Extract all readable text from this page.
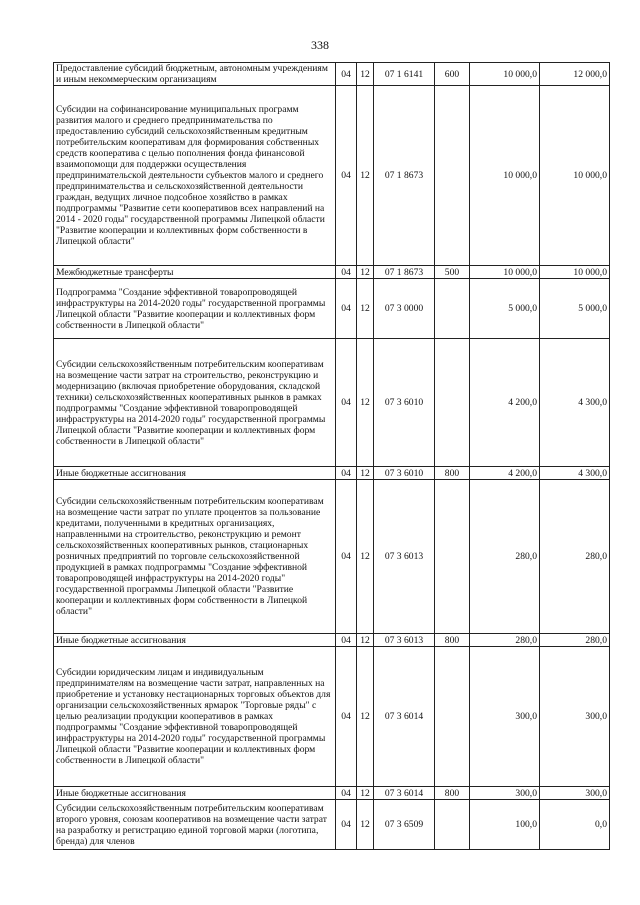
338
Предоставление субсидий бюджетным, автономным учреждениям и иным некоммерческим организациям	04	12	07 1 6141	600	10 000,0	12 000,0
Субсидии на софинансирование муниципальных программ развития малого и среднего предпринимательства по предоставлению субсидий сельскохозяйственным кредитным потребительским кооперативам для формирования собственных средств кооператива с целью пополнения фонда финансовой взаимопомощи для поддержки осуществления предпринимательской деятельности субъектов малого и среднего предпринимательства и сельскохозяйственной деятельности граждан, ведущих личное подсобное хозяйство в рамках подпрограммы "Развитие сети кооперативов всех направлений на 2014 - 2020 годы" государственной программы Липецкой области "Развитие кооперации и коллективных форм собственности в Липецкой области"	04	12	07 1 8673		10 000,0	10 000,0
Межбюджетные трансферты	04	12	07 1 8673	500	10 000,0	10 000,0
Подпрограмма "Создание эффективной товаропроводящей инфраструктуры на 2014-2020 годы" государственной программы Липецкой области "Развитие кооперации и коллективных форм собственности в Липецкой области"	04	12	07 3 0000		5 000,0	5 000,0
Субсидии сельскохозяйственным потребительским кооперативам на возмещение части затрат на строительство, реконструкцию и модернизацию (включая приобретение оборудования, складской техники) сельскохозяйственных кооперативных рынков в рамках подпрограммы "Создание эффективной товаропроводящей инфраструктуры на 2014-2020 годы" государственной программы Липецкой области "Развитие кооперации и коллективных форм собственности в Липецкой области"	04	12	07 3 6010		4 200,0	4 300,0
Иные бюджетные ассигнования	04	12	07 3 6010	800	4 200,0	4 300,0
Субсидии сельскохозяйственным потребительским кооперативам на возмещение части затрат по уплате процентов за пользование кредитами, полученными в кредитных организациях, направленными на строительство, реконструкцию и ремонт сельскохозяйственных кооперативных рынков, стационарных розничных предприятий по торговле сельскохозяйственной продукцией в рамках подпрограммы "Создание эффективной товаропроводящей инфраструктуры на 2014-2020 годы" государственной программы Липецкой области "Развитие кооперации и коллективных форм собственности в Липецкой области"	04	12	07 3 6013		280,0	280,0
Иные бюджетные ассигнования	04	12	07 3 6013	800	280,0	280,0
Субсидии юридическим лицам и индивидуальным предпринимателям на возмещение части затрат, направленных на приобретение и установку нестационарных торговых объектов для организации сельскохозяйственных ярмарок "Торговые ряды" с целью реализации продукции кооперативов в рамках подпрограммы "Создание эффективной товаропроводящей инфраструктуры на 2014-2020 годы" государственной программы Липецкой области "Развитие кооперации и коллективных форм собственности в Липецкой области"	04	12	07 3 6014		300,0	300,0
Иные бюджетные ассигнования	04	12	07 3 6014	800	300,0	300,0
Субсидии сельскохозяйственным потребительским кооперативам второго уровня, союзам кооперативов на возмещение части затрат на разработку и регистрацию единой торговой марки (логотипа, бренда) для членов	04	12	07 3 6509		100,0	0,0
